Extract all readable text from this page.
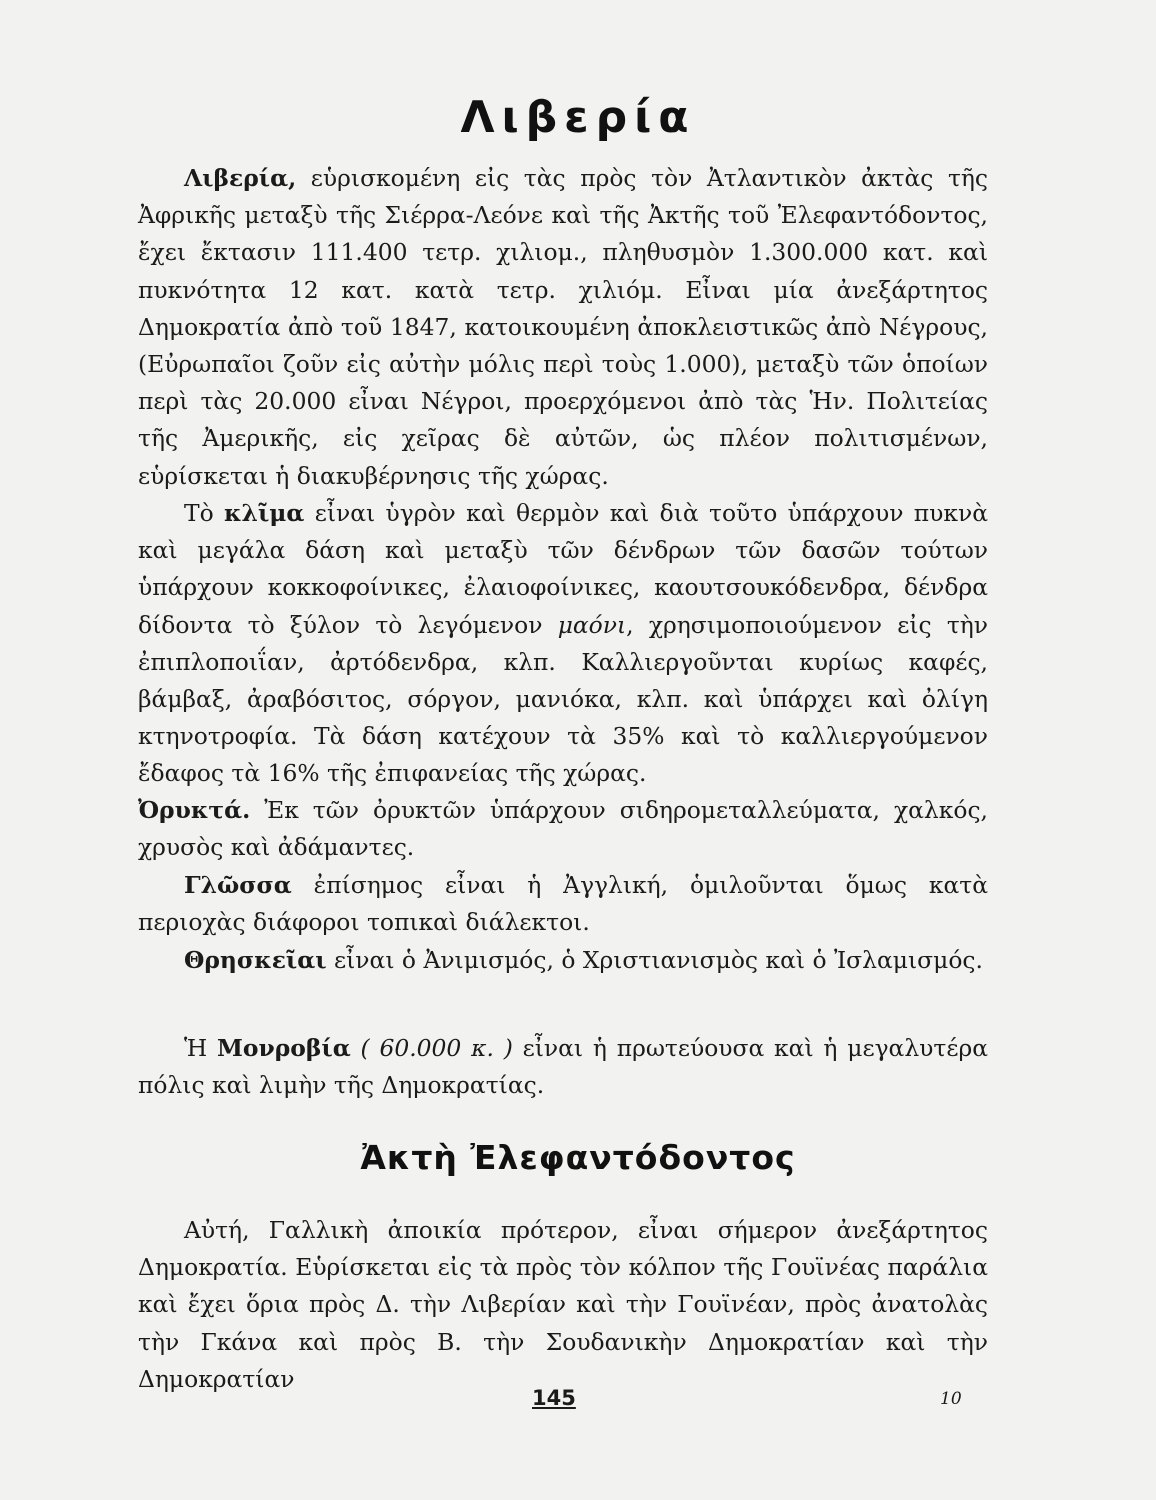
Λιβερία

Λιβερία, εὑρισκομένη εἰς τὰς πρὸς τὸν Ἀτλαντικὸν ἀκτὰς τῆς Ἀφρικῆς μεταξὺ τῆς Σιέρρα-Λεόνε καὶ τῆς Ἀκτῆς τοῦ Ἐλεφαντόδοντος, ἔχει ἔκτασιν 111.400 τετρ. χιλιομ., πληθυσμὸν 1.300.000 κατ. καὶ πυκνότητα 12 κατ. κατὰ τετρ. χιλιόμ. Εἶναι μία ἀνεξάρτητος Δημοκρατία ἀπὸ τοῦ 1847, κατοικουμένη ἀποκλειστικῶς ἀπὸ Νέγρους, (Εὐρωπαῖοι ζοῦν εἰς αὐτὴν μόλις περὶ τοὺς 1.000), μεταξὺ τῶν ὁποίων περὶ τὰς 20.000 εἶναι Νέγροι, προερχόμενοι ἀπὸ τὰς Ἡν. Πολιτείας τῆς Ἀμερικῆς, εἰς χεῖρας δὲ αὐτῶν, ὡς πλέον πολιτισμένων, εὑρίσκεται ἡ διακυβέρνησις τῆς χώρας.

Τὸ κλῖμα εἶναι ὑγρὸν καὶ θερμὸν καὶ διὰ τοῦτο ὑπάρχουν πυκνὰ καὶ μεγάλα δάση καὶ μεταξὺ τῶν δένδρων τῶν δασῶν τούτων ὑπάρχουν κοκκοφοίνικες, ἐλαιοφοίνικες, καουτσουκόδενδρα, δένδρα δίδοντα τὸ ξύλον τὸ λεγόμενον μαόνι, χρησιμοποιούμενον εἰς τὴν ἐπιπλοποιΐαν, ἀρτόδενδρα, κλπ. Καλλιεργοῦνται κυρίως καφές, βάμβαξ, ἀραβόσιτος, σόργον, μανιόκα, κλπ. καὶ ὑπάρχει καὶ ὀλίγη κτηνοτροφία. Τὰ δάση κατέχουν τὰ 35% καὶ τὸ καλλιεργούμενον ἔδαφος τὰ 16% τῆς ἐπιφανείας τῆς χώρας.

Ὀρυκτά. Ἐκ τῶν ὀρυκτῶν ὑπάρχουν σιδηρομεταλλεύματα, χαλκός, χρυσὸς καὶ ἀδάμαντες.

Γλῶσσα ἐπίσημος εἶναι ἡ Ἀγγλική, ὁμιλοῦνται ὅμως κατὰ περιοχὰς διάφοροι τοπικαὶ διάλεκτοι.

Θρησκεῖαι εἶναι ὁ Ἀνιμισμός, ὁ Χριστιανισμὸς καὶ ὁ Ἰσλαμισμός.

Ἡ Μονροβία ( 60.000 κ. ) εἶναι ἡ πρωτεύουσα καὶ ἡ μεγαλυτέρα πόλις καὶ λιμὴν τῆς Δημοκρατίας.

Ἀκτὴ Ἐλεφαντόδοντος

Αὐτή, Γαλλικὴ ἀποικία πρότερον, εἶναι σήμερον ἀνεξάρτητος Δημοκρατία. Εὑρίσκεται εἰς τὰ πρὸς τὸν κόλπον τῆς Γουϊνέας παράλια καὶ ἔχει ὅρια πρὸς Δ. τὴν Λιβερίαν καὶ τὴν Γουϊνέαν, πρὸς ἀνατολὰς τὴν Γκάνα καὶ πρὸς Β. τὴν Σουδανικὴν Δημοκρατίαν καὶ τὴν Δημοκρατίαν

145	10
